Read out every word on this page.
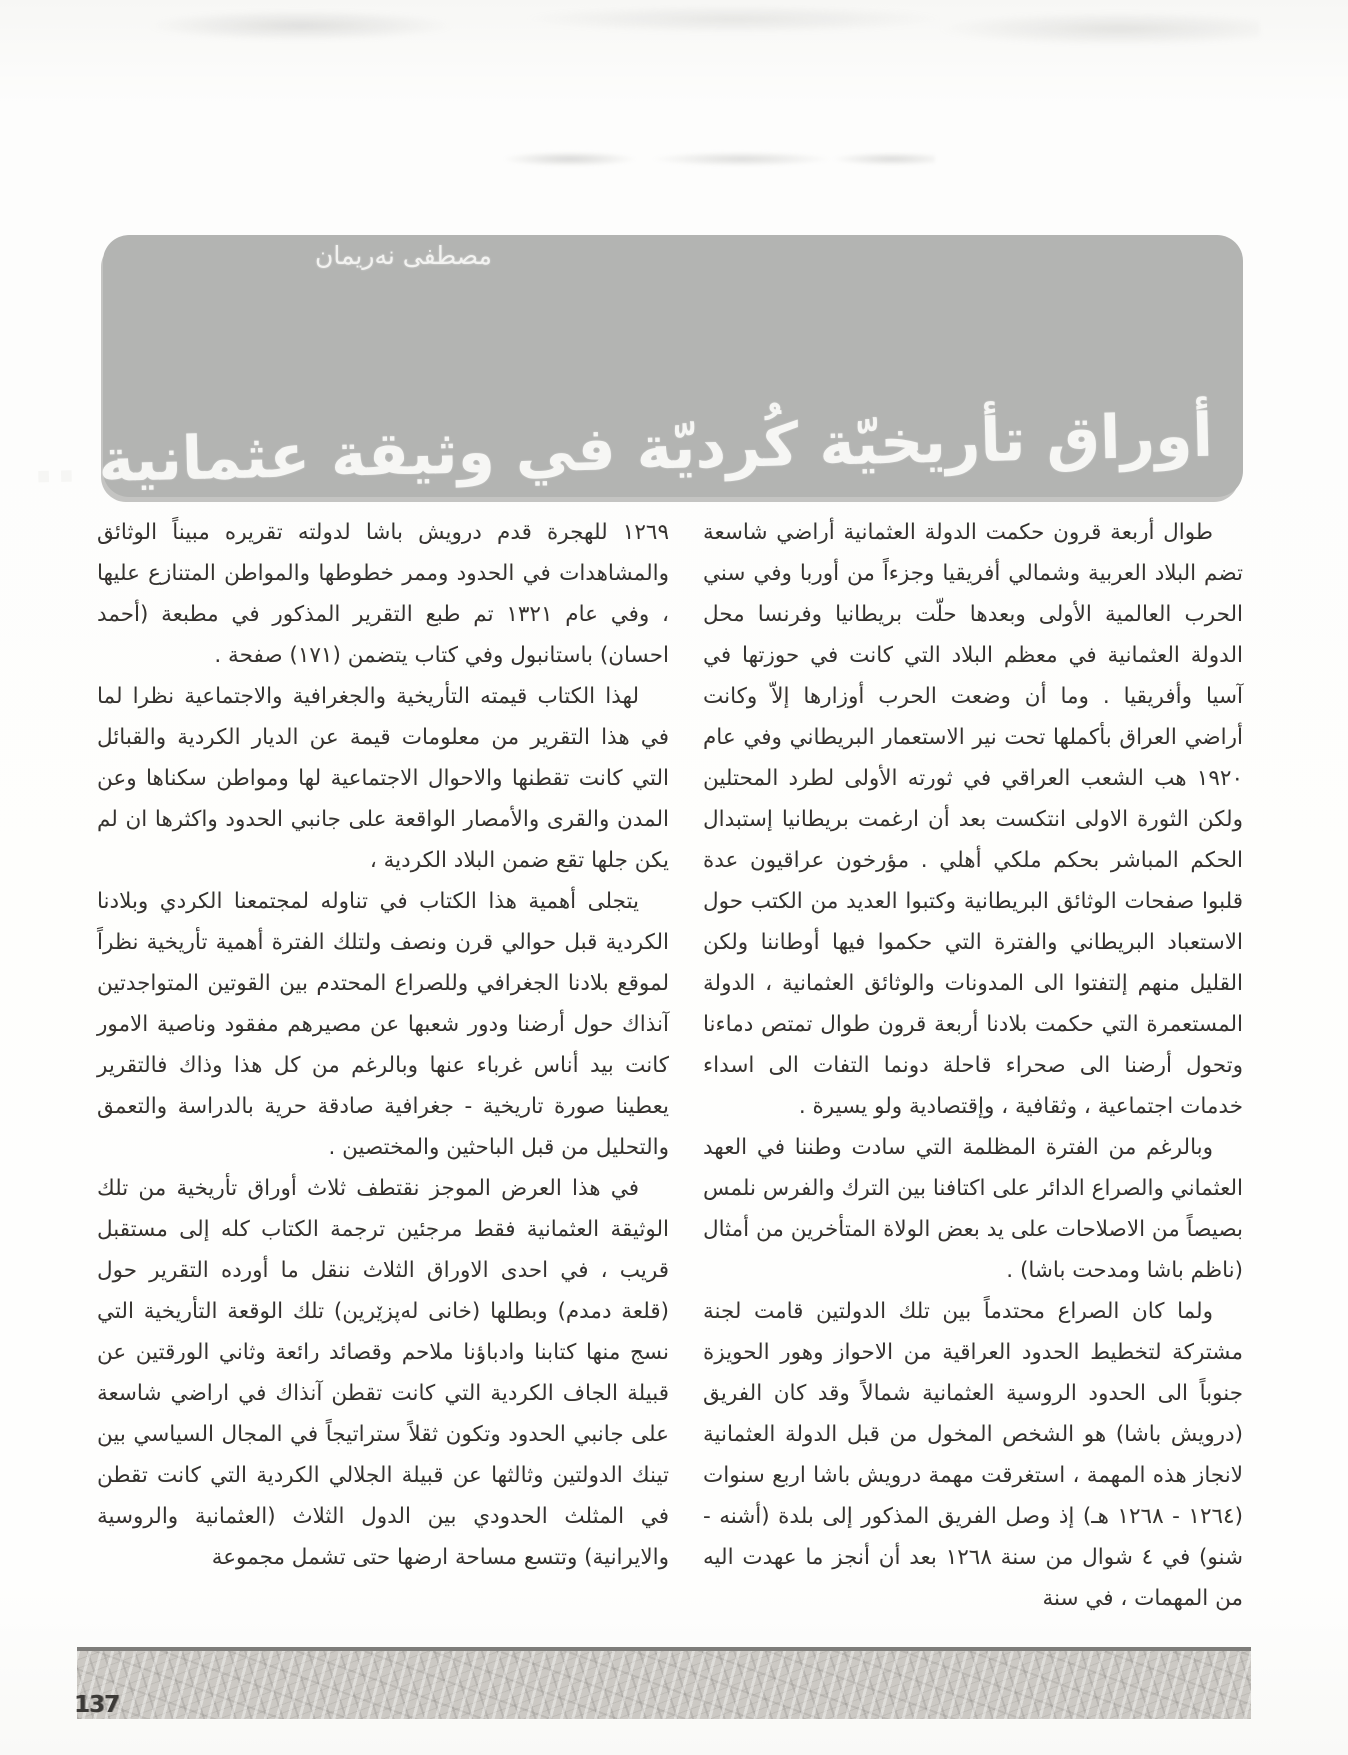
مصطفى نه‌ريمان
أوراق تأريخيّة كُرديّة في وثيقة عثمانية ..

طوال أربعة قرون حكمت الدولة العثمانية أراضي شاسعة تضم البلاد العربية وشمالي أفريقيا وجزءاً من أوربا وفي سني الحرب العالمية الأولى وبعدها حلّت بريطانيا وفرنسا محل الدولة العثمانية في معظم البلاد التي كانت في حوزتها في آسيا وأفريقيا . وما أن وضعت الحرب أوزارها إلاّ وكانت أراضي العراق بأكملها تحت نير الاستعمار البريطاني وفي عام ١٩٢٠ هب الشعب العراقي في ثورته الأولى لطرد المحتلين ولكن الثورة الاولى انتكست بعد أن ارغمت بريطانيا إستبدال الحكم المباشر بحكم ملكي أهلي . مؤرخون عراقيون عدة قلبوا صفحات الوثائق البريطانية وكتبوا العديد من الكتب حول الاستعباد البريطاني والفترة التي حكموا فيها أوطاننا ولكن القليل منهم إلتفتوا الى المدونات والوثائق العثمانية ، الدولة المستعمرة التي حكمت بلادنا أربعة قرون طوال تمتص دماءنا وتحول أرضنا الى صحراء قاحلة دونما التفات الى اسداء خدمات اجتماعية ، وثقافية ، وإقتصادية ولو يسيرة .

وبالرغم من الفترة المظلمة التي سادت وطننا في العهد العثماني والصراع الدائر على اكتافنا بين الترك والفرس نلمس بصيصاً من الاصلاحات على يد بعض الولاة المتأخرين من أمثال (ناظم باشا ومدحت باشا) .

ولما كان الصراع محتدماً بين تلك الدولتين قامت لجنة مشتركة لتخطيط الحدود العراقية من الاحواز وهور الحويزة جنوباً الى الحدود الروسية العثمانية شمالاً وقد كان الفريق (درويش باشا) هو الشخص المخول من قبل الدولة العثمانية لانجاز هذه المهمة ، استغرقت مهمة درويش باشا اربع سنوات (١٢٦٤ - ١٢٦٨ هـ) إذ وصل الفريق المذكور إلى بلدة (أشنه - شنو) في ٤ شوال من سنة ١٢٦٨ بعد أن أنجز ما عهدت اليه من المهمات ، في سنة

١٢٦٩ للهجرة قدم درويش باشا لدولته تقريره مبيناً الوثائق والمشاهدات في الحدود وممر خطوطها والمواطن المتنازع عليها ، وفي عام ١٣٢١ تم طبع التقرير المذكور في مطبعة (أحمد احسان) باستانبول وفي كتاب يتضمن (١٧١) صفحة .

لهذا الكتاب قيمته التأريخية والجغرافية والاجتماعية نظرا لما في هذا التقرير من معلومات قيمة عن الديار الكردية والقبائل التي كانت تقطنها والاحوال الاجتماعية لها ومواطن سكناها وعن المدن والقرى والأمصار الواقعة على جانبي الحدود واكثرها ان لم يكن جلها تقع ضمن البلاد الكردية ،

يتجلى أهمية هذا الكتاب في تناوله لمجتمعنا الكردي وبلادنا الكردية قبل حوالي قرن ونصف ولتلك الفترة أهمية تأريخية نظراً لموقع بلادنا الجغرافي وللصراع المحتدم بين القوتين المتواجدتين آنذاك حول أرضنا ودور شعبها عن مصيرهم مفقود وناصية الامور كانت بيد أناس غرباء عنها وبالرغم من كل هذا وذاك فالتقرير يعطينا صورة تاريخية - جغرافية صادقة حرية بالدراسة والتعمق والتحليل من قبل الباحثين والمختصين .

في هذا العرض الموجز نقتطف ثلاث أوراق تأريخية من تلك الوثيقة العثمانية فقط مرجئين ترجمة الكتاب كله إلى مستقبل قريب ، في احدى الاوراق الثلاث ننقل ما أورده التقرير حول (قلعة دمدم) وبطلها (خانى له‌پزێرين) تلك الوقعة التأريخية التي نسج منها كتابنا وادباؤنا ملاحم وقصائد رائعة وثاني الورقتين عن قبيلة الجاف الكردية التي كانت تقطن آنذاك في اراضي شاسعة على جانبي الحدود وتكون ثقلاً ستراتيجاً في المجال السياسي بين تينك الدولتين وثالثها عن قبيلة الجلالي الكردية التي كانت تقطن في المثلث الحدودي بين الدول الثلاث (العثمانية والروسية والايرانية) وتتسع مساحة ارضها حتى تشمل مجموعة

137
